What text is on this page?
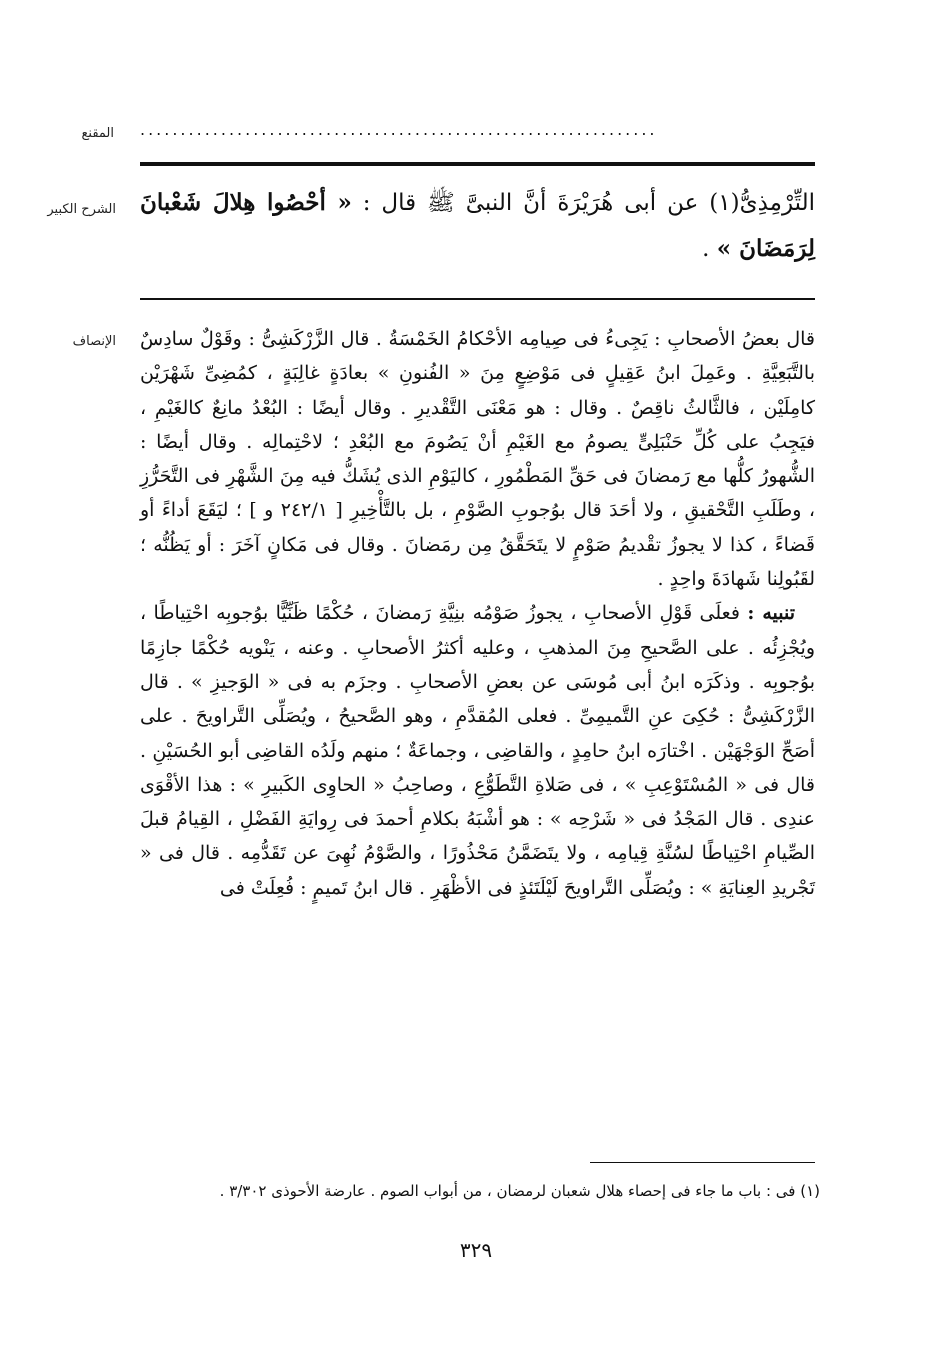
المقنع ................................................................
الشرح الكبير	التِّرْمِذِىُّ(١) عن أبى هُرَيْرَةَ أنَّ النبىَّ ﷺ قال : « أحْصُوا هِلالَ شَعْبانَ لِرَمَضَانَ » .
الإنصاف قال بعضُ الأصحابِ : يَجِىءُ فى صِيامِه الأحْكامُ الخَمْسَةُ . قال الزَّرْكَشِىُّ : وقَوْلٌ سادِسٌ بالتَّبَعِيَّةِ . وعَمِلَ ابنُ عَقِيلٍ فى مَوْضِعٍ مِنَ « الفُنونِ » بعادَةٍ غالِبَةٍ ، كمُضِىِّ شَهْرَيْن كامِلَيْن ، فالثَّالثُ ناقِصٌ . وقال : هو مَعْنَى التَّقْديرِ . وقال أيضًا : البُعْدُ مانِعٌ كالغَيْمِ ، فيَجِبُ على كُلِّ حَنْبَلِىٍّ يصومُ مع الغَيْمِ أنْ يَصُومَ مع البُعْدِ ؛ لاحْتِمالِه . وقال أيضًا : الشُّهورُ كلُّها مع رَمضانَ فى حَقِّ المَطْمُورِ ، كاليَوْمِ الذى يُشَكُّ فيه مِنَ الشَّهْرِ فى التَّحَرُّزِ ، وطَلَبِ التَّحْقيقِ ، ولا أحَدَ قال بوُجوبِ الصَّوْمِ ، بل بالتَّأْخِيرِ [ ٢٤٢/١ و ] ؛ ليَقَعَ أداءً أو قَضاءً ، كذا لا يجوزُ تقْديمُ صَوْمٍ لا يتَحَقَّقُ مِن رمَضانَ . وقال فى مَكانٍ آخَرَ : أو يَظُنُّه ؛ لقَبُولِنا شَهادَةَ واحِدٍ .

تنبيه : فعلَى قَوْلِ الأصحابِ ، يجوزُ صَوْمُه بنِيَّةِ رَمضانَ ، حُكْمًا ظَنِّيًّا بوُجوبِه احْتِياطًا ، ويُجْزِئُه . على الصَّحيحِ مِنَ المذهبِ ، وعليه أكثرُ الأصحابِ . وعنه ، يَنْويه حُكْمًا جازِمًا بوُجوبِه . وذكَرَه ابنُ أبى مُوسَى عن بعضِ الأصحابِ . وجزَم به فى « الوَجيزِ » . قال الزَّرْكَشِىُّ : حُكِىَ عنِ التَّميمِىِّ . فعلى المُقدَّمِ ، وهو الصَّحيحُ ، ويُصَلِّى التَّراويحَ . على أصَحِّ الوَجْهَيْن . اخْتارَه ابنُ حامِدٍ ، والقاضِى ، وجماعَةٌ ؛ منهم ولَدُه القاضِى أبو الحُسَيْنِ . قال فى « المُسْتَوْعِبِ » ، فى صَلاةِ التَّطَوُّعِ ، وصاحِبُ « الحاوِى الكَبيرِ » : هذا الأقْوَى عندِى . قال المَجْدُ فى « شَرْحِه » : هو أشْبَهُ بكلامِ أحمدَ فى رِوايَةِ الفَضْلِ ، القِيامُ قبلَ الصِّيامِ احْتِياطًا لسُنَّةِ قِيامِه ، ولا يتَضَمَّنُ مَحْذُورًا ، والصَّوْمُ نُهِىَ عن تَقَدُّمِه . قال فى « تَجْريدِ العِنايَةِ » : ويُصَلِّى التَّراويحَ لَيْلَتَئذٍ فى الأظْهَرِ . قال ابنُ تَميمٍ : فُعِلَتْ فى

(١) فى : باب ما جاء فى إحصاء هلال شعبان لرمضان ، من أبواب الصوم . عارضة الأحوذى ٣/٣٠٢ .
٣٢٩
